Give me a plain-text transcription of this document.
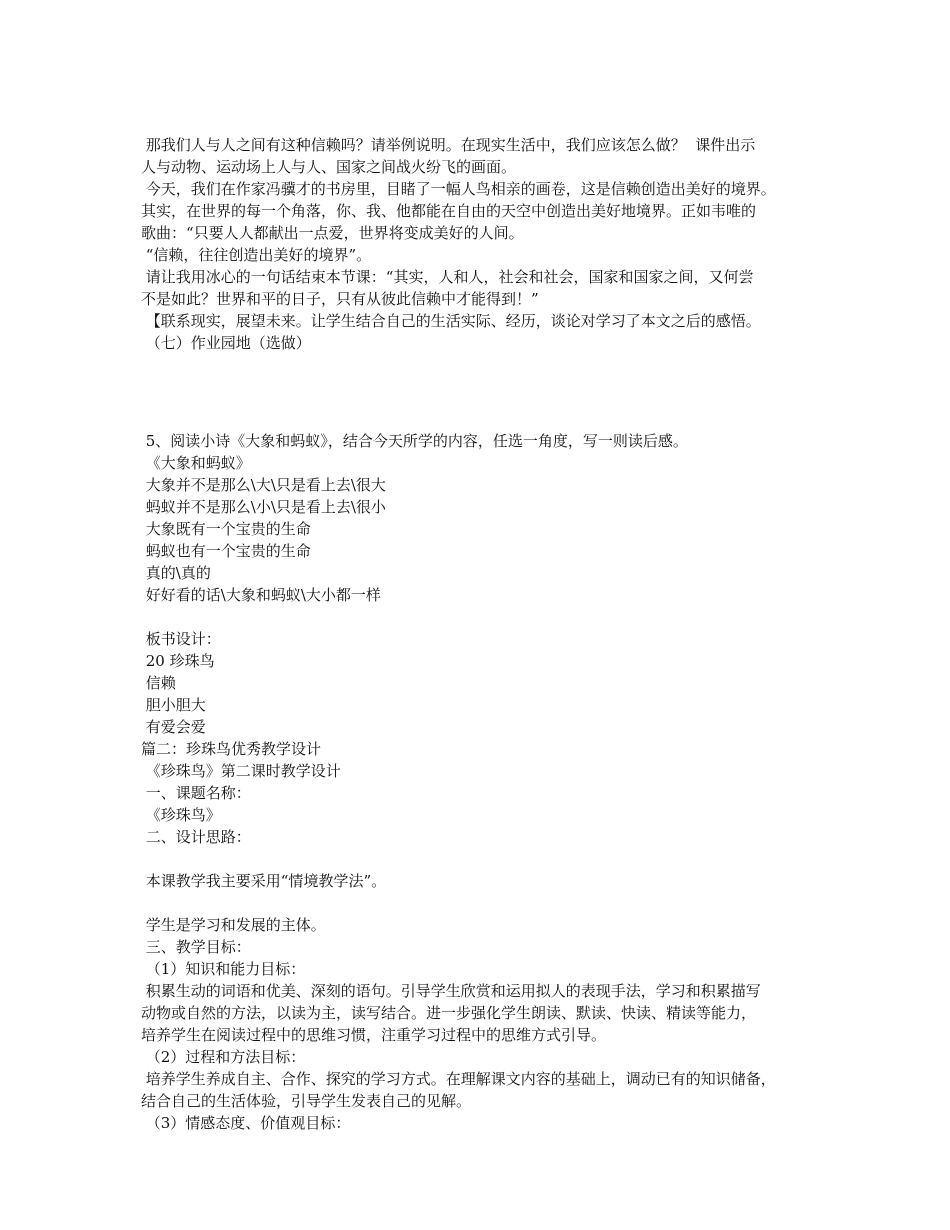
那我们人与人之间有这种信赖吗？请举例说明。在现实生活中，我们应该怎么做？  课件出示
人与动物、运动场上人与人、国家之间战火纷飞的画面。
今天，我们在作家冯骥才的书房里，目睹了一幅人鸟相亲的画卷，这是信赖创造出美好的境界。
其实，在世界的每一个角落，你、我、他都能在自由的天空中创造出美好地境界。正如韦唯的
歌曲：“只要人人都献出一点爱，世界将变成美好的人间。
“信赖，往往创造出美好的境界”。
请让我用冰心的一句话结束本节课：“其实，人和人，社会和社会，国家和国家之间，又何尝
不是如此？世界和平的日子，只有从彼此信赖中才能得到！”
【联系现实，展望未来。让学生结合自己的生活实际、经历，谈论对学习了本文之后的感悟。
（七）作业园地（选做）
5、阅读小诗《大象和蚂蚁》，结合今天所学的内容，任选一角度，写一则读后感。
《大象和蚂蚁》
大象并不是那么\大\只是看上去\很大
蚂蚁并不是那么\小\只是看上去\很小
大象既有一个宝贵的生命
蚂蚁也有一个宝贵的生命
真的\真的
好好看的话\大象和蚂蚁\大小都一样
板书设计：
20 珍珠鸟
信赖
胆小胆大
有爱会爱
篇二：珍珠鸟优秀教学设计
《珍珠鸟》第二课时教学设计
一、课题名称：
《珍珠鸟》
二、设计思路：
本课教学我主要采用“情境教学法”。
学生是学习和发展的主体。
三、教学目标：
（1）知识和能力目标：
积累生动的词语和优美、深刻的语句。引导学生欣赏和运用拟人的表现手法，学习和积累描写
动物或自然的方法，以读为主，读写结合。进一步强化学生朗读、默读、快读、精读等能力，
培养学生在阅读过程中的思维习惯，注重学习过程中的思维方式引导。
（2）过程和方法目标：
培养学生养成自主、合作、探究的学习方式。在理解课文内容的基础上，调动已有的知识储备，
结合自己的生活体验，引导学生发表自己的见解。
（3）情感态度、价值观目标：
